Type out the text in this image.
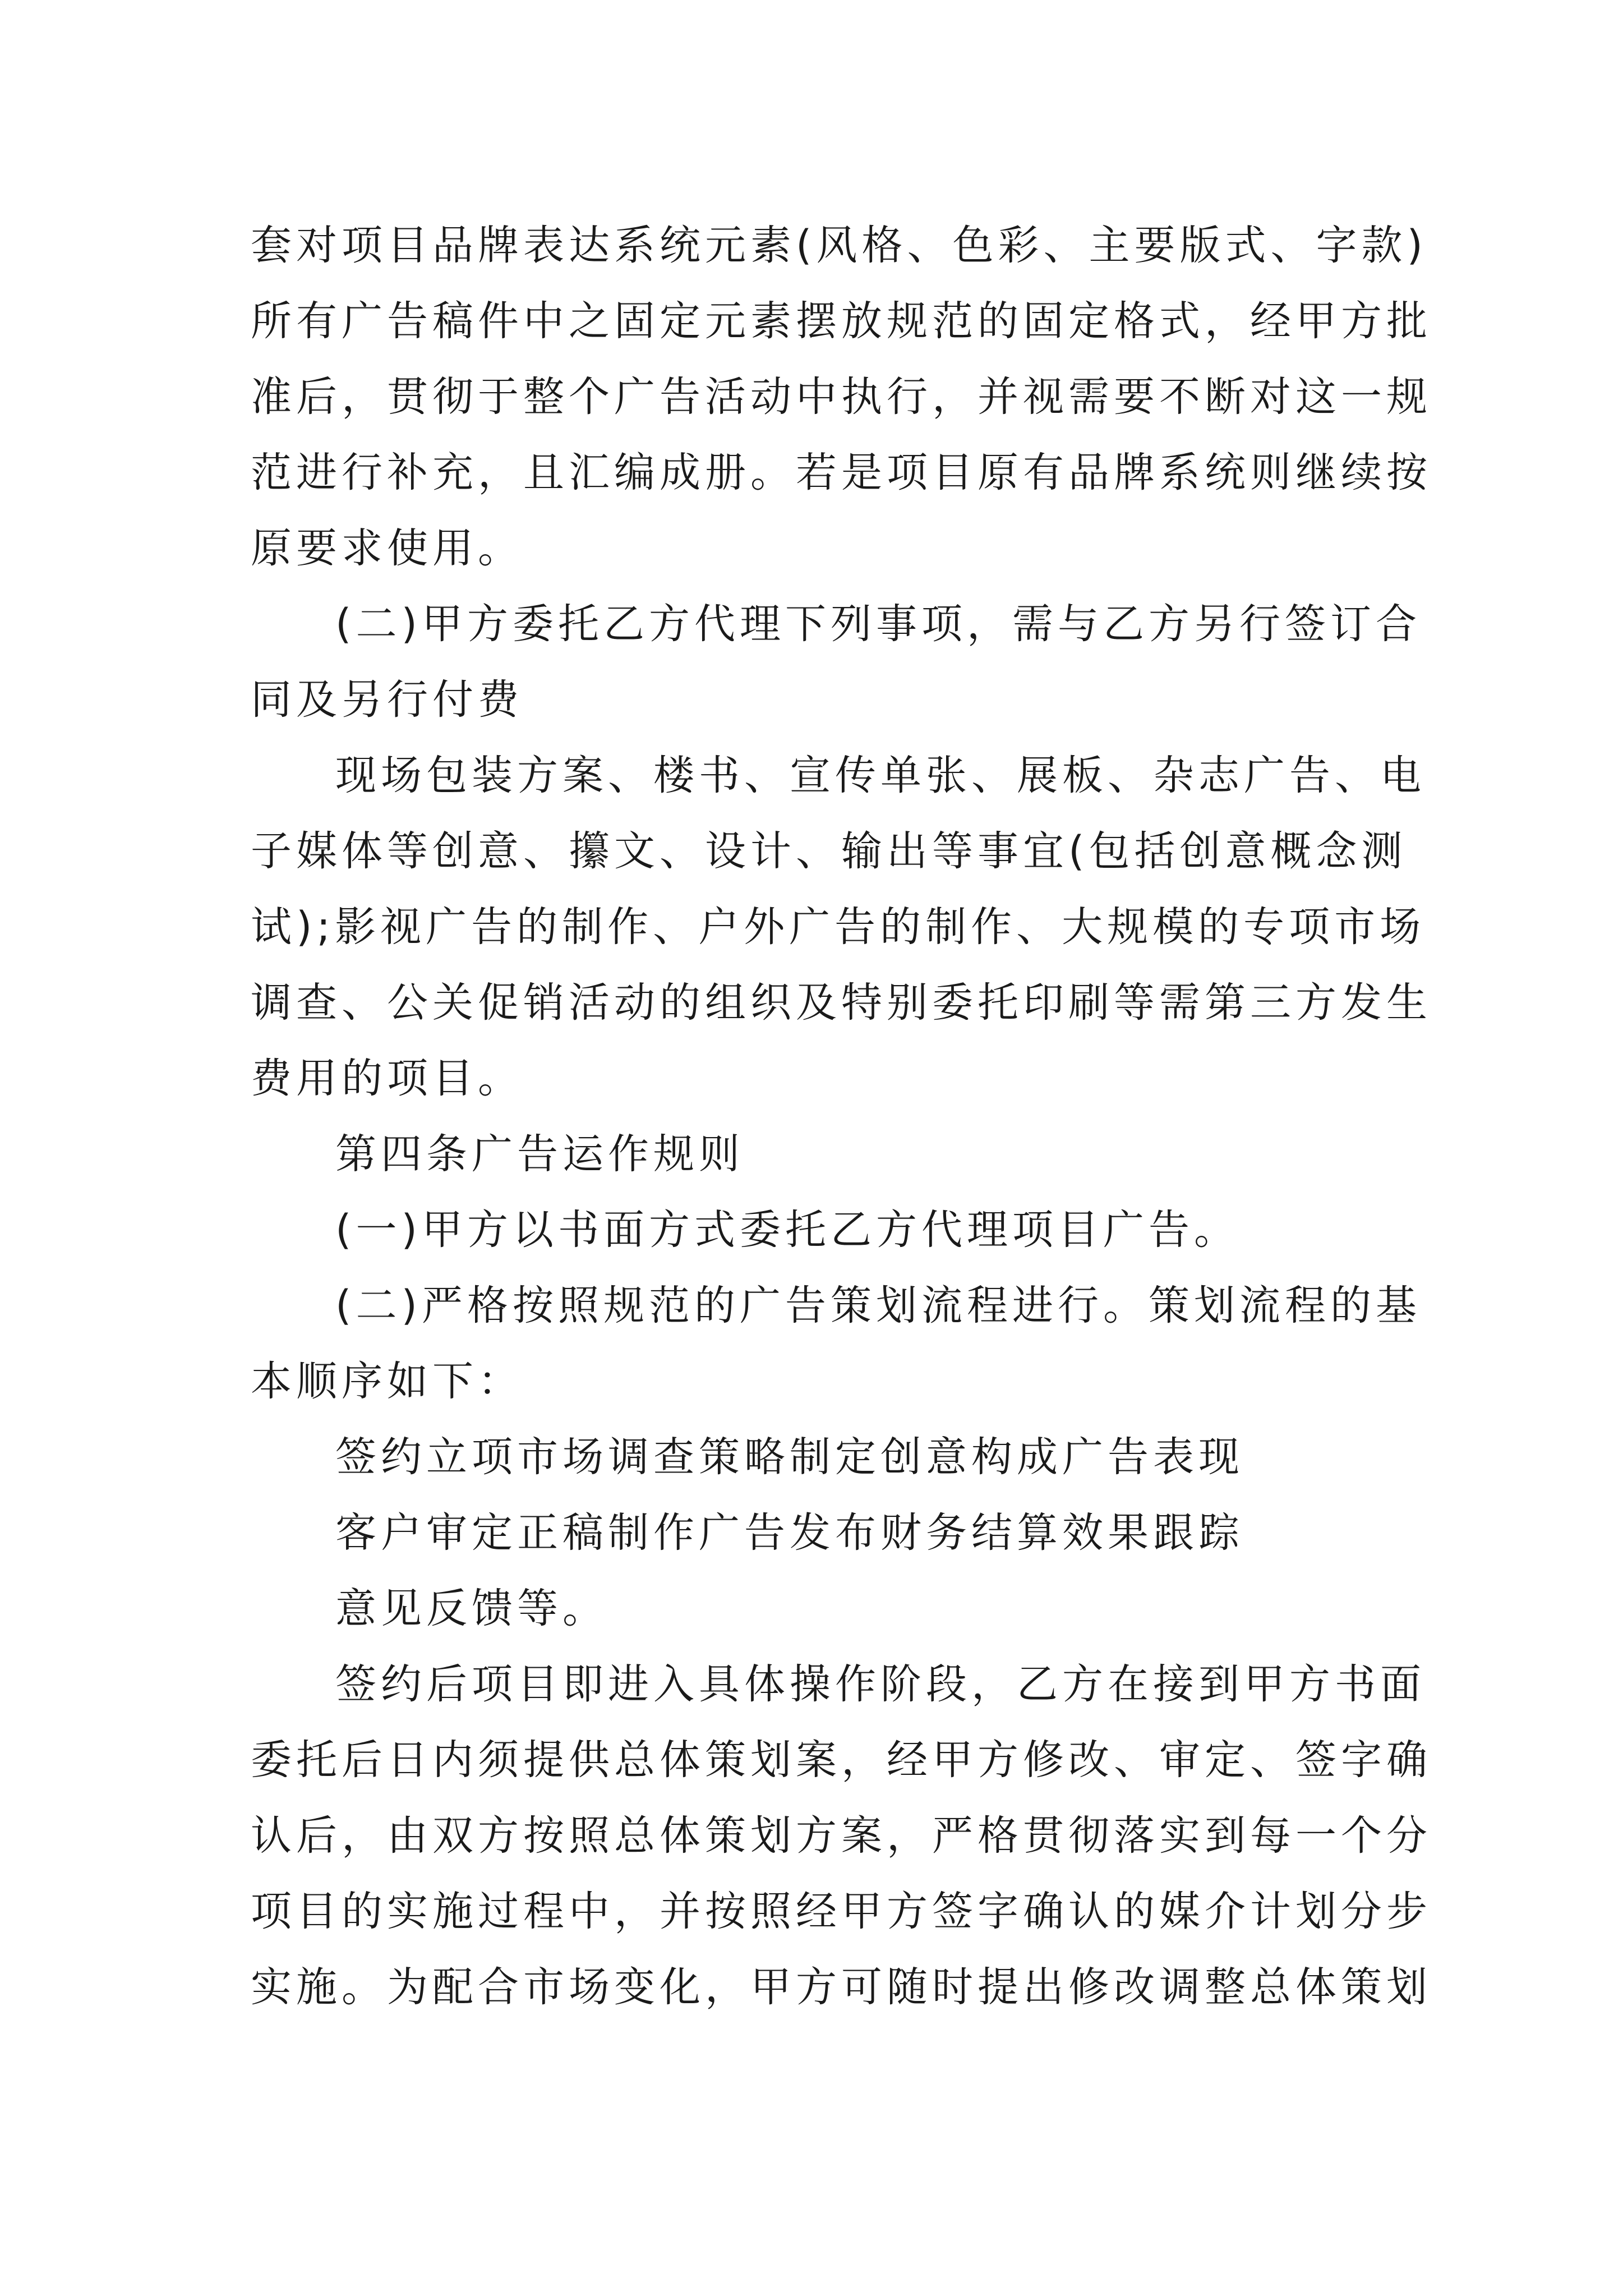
套对项目品牌表达系统元素(风格、色彩、主要版式、字款)
所有广告稿件中之固定元素摆放规范的固定格式，经甲方批
准后，贯彻于整个广告活动中执行，并视需要不断对这一规
范进行补充，且汇编成册。若是项目原有品牌系统则继续按
原要求使用。
(二)甲方委托乙方代理下列事项，需与乙方另行签订合
同及另行付费
现场包装方案、楼书、宣传单张、展板、杂志广告、电
子媒体等创意、攥文、设计、输出等事宜(包括创意概念测
试);影视广告的制作、户外广告的制作、大规模的专项市场
调查、公关促销活动的组织及特别委托印刷等需第三方发生
费用的项目。
第四条广告运作规则
(一)甲方以书面方式委托乙方代理项目广告。
(二)严格按照规范的广告策划流程进行。策划流程的基
本顺序如下：
签约立项市场调查策略制定创意构成广告表现
客户审定正稿制作广告发布财务结算效果跟踪
意见反馈等。
签约后项目即进入具体操作阶段，乙方在接到甲方书面
委托后日内须提供总体策划案，经甲方修改、审定、签字确
认后，由双方按照总体策划方案，严格贯彻落实到每一个分
项目的实施过程中，并按照经甲方签字确认的媒介计划分步
实施。为配合市场变化，甲方可随时提出修改调整总体策划
